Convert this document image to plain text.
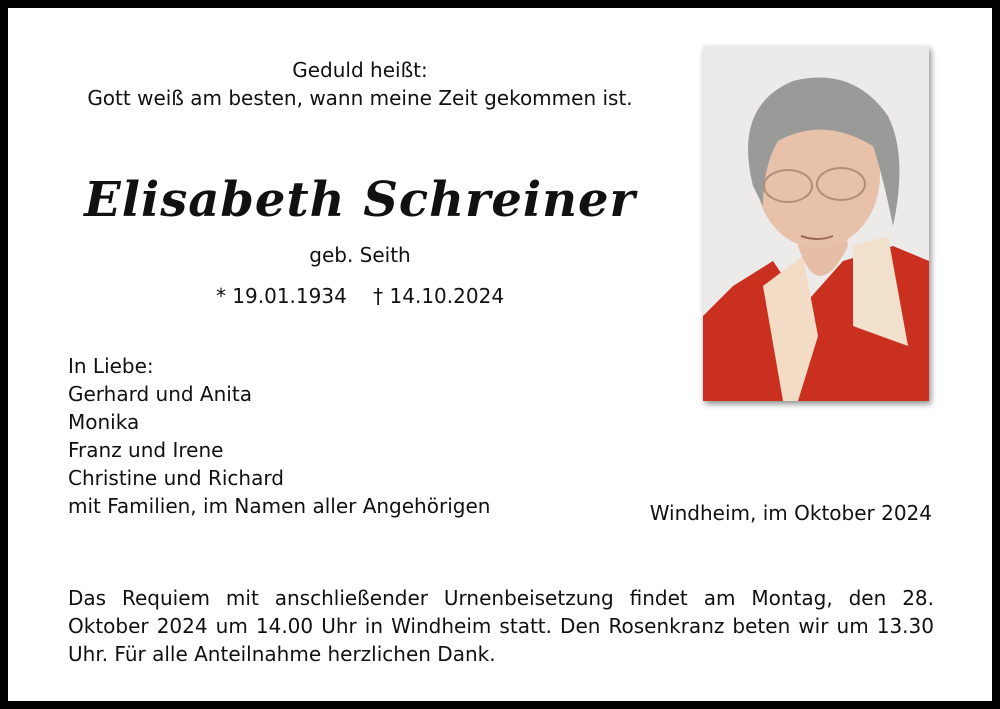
Geduld heißt:
Gott weiß am besten, wann meine Zeit gekommen ist.
Elisabeth Schreiner
geb. Seith
* 19.01.1934 † 14.10.2024
In Liebe:
Gerhard und Anita
Monika
Franz und Irene
Christine und Richard
mit Familien, im Namen aller Angehörigen	Windheim, im Oktober 2024
Das Requiem mit anschließender Urnenbeisetzung findet am Montag, den 28. Oktober 2024 um 14.00 Uhr in Windheim statt. Den Rosenkranz beten wir um 13.30 Uhr. Für alle Anteilnahme herzlichen Dank.
